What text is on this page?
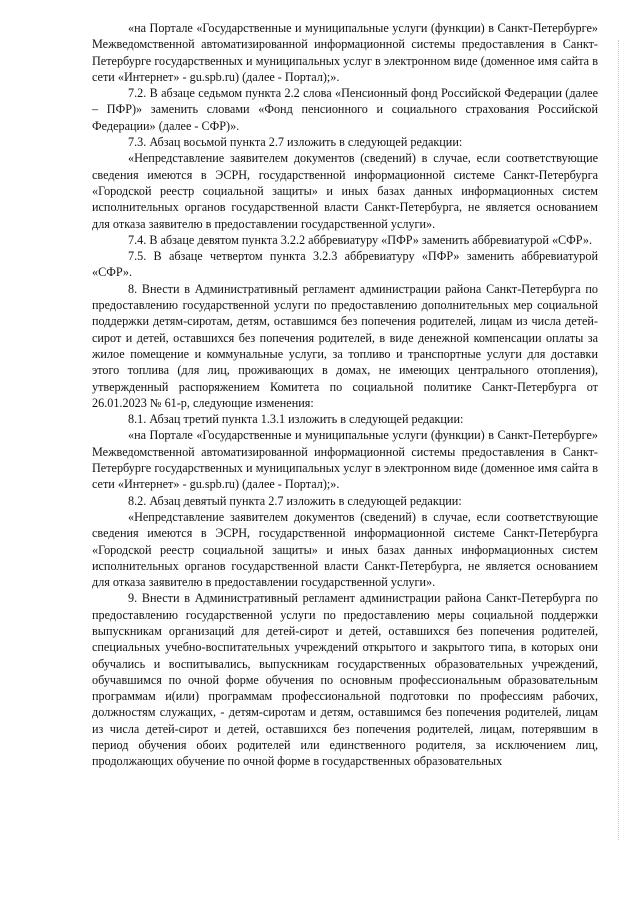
«на Портале «Государственные и муниципальные услуги (функции) в Санкт-Петербурге» Межведомственной автоматизированной информационной системы предоставления в Санкт-Петербурге государственных и муниципальных услуг в электронном виде (доменное имя сайта в сети «Интернет» - gu.spb.ru) (далее - Портал);».

7.2. В абзаце седьмом пункта 2.2 слова «Пенсионный фонд Российской Федерации (далее – ПФР)» заменить словами «Фонд пенсионного и социального страхования Российской Федерации» (далее - СФР)».

7.3. Абзац восьмой пункта 2.7 изложить в следующей редакции:

«Непредставление заявителем документов (сведений) в случае, если соответствующие сведения имеются в ЭСРН, государственной информационной системе Санкт-Петербурга «Городской реестр социальной защиты» и иных базах данных информационных систем исполнительных органов государственной власти Санкт-Петербурга, не является основанием для отказа заявителю в предоставлении государственной услуги».

7.4. В абзаце девятом пункта 3.2.2 аббревиатуру «ПФР» заменить аббревиатурой «СФР».

7.5. В абзаце четвертом пункта 3.2.3 аббревиатуру «ПФР» заменить аббревиатурой «СФР».

8. Внести в Административный регламент администрации района Санкт-Петербурга по предоставлению государственной услуги по предоставлению дополнительных мер социальной поддержки детям-сиротам, детям, оставшимся без попечения родителей, лицам из числа детей-сирот и детей, оставшихся без попечения родителей, в виде денежной компенсации оплаты за жилое помещение и коммунальные услуги, за топливо и транспортные услуги для доставки этого топлива (для лиц, проживающих в домах, не имеющих центрального отопления), утвержденный распоряжением Комитета по социальной политике Санкт-Петербурга от 26.01.2023 № 61-р, следующие изменения:

8.1. Абзац третий пункта 1.3.1 изложить в следующей редакции:

«на Портале «Государственные и муниципальные услуги (функции) в Санкт-Петербурге» Межведомственной автоматизированной информационной системы предоставления в Санкт-Петербурге государственных и муниципальных услуг в электронном виде (доменное имя сайта в сети «Интернет» - gu.spb.ru) (далее - Портал);».

8.2. Абзац девятый пункта 2.7 изложить в следующей редакции:

«Непредставление заявителем документов (сведений) в случае, если соответствующие сведения имеются в ЭСРН, государственной информационной системе Санкт-Петербурга «Городской реестр социальной защиты» и иных базах данных информационных систем исполнительных органов государственной власти Санкт-Петербурга, не является основанием для отказа заявителю в предоставлении государственной услуги».

9. Внести в Административный регламент администрации района Санкт-Петербурга по предоставлению государственной услуги по предоставлению меры социальной поддержки выпускникам организаций для детей-сирот и детей, оставшихся без попечения родителей, специальных учебно-воспитательных учреждений открытого и закрытого типа, в которых они обучались и воспитывались, выпускникам государственных образовательных учреждений, обучавшимся по очной форме обучения по основным профессиональным образовательным программам и(или) программам профессиональной подготовки по профессиям рабочих, должностям служащих, - детям-сиротам и детям, оставшимся без попечения родителей, лицам из числа детей-сирот и детей, оставшихся без попечения родителей, лицам, потерявшим в период обучения обоих родителей или единственного родителя, за исключением лиц, продолжающих обучение по очной форме в государственных образовательных
